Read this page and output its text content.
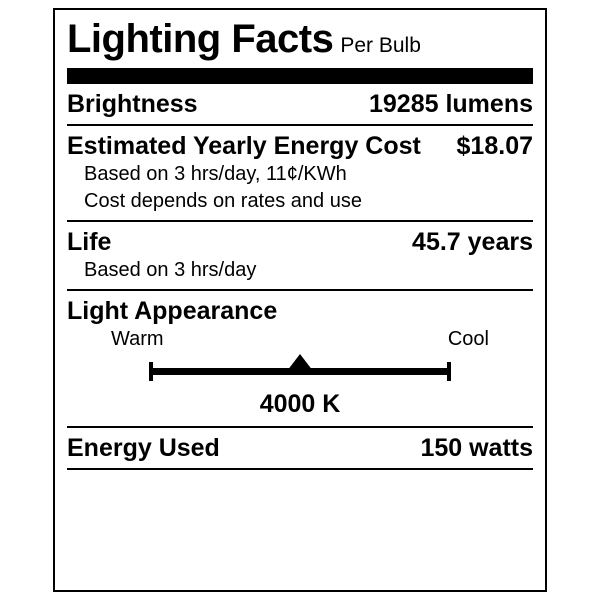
Lighting Facts Per Bulb
Brightness	19285 lumens
Estimated Yearly Energy Cost $18.07
Based on 3 hrs/day, 11¢/KWh
Cost depends on rates and use
Life	45.7 years
Based on 3 hrs/day
Light Appearance
Warm	Cool
4000 K
Energy Used	150 watts
